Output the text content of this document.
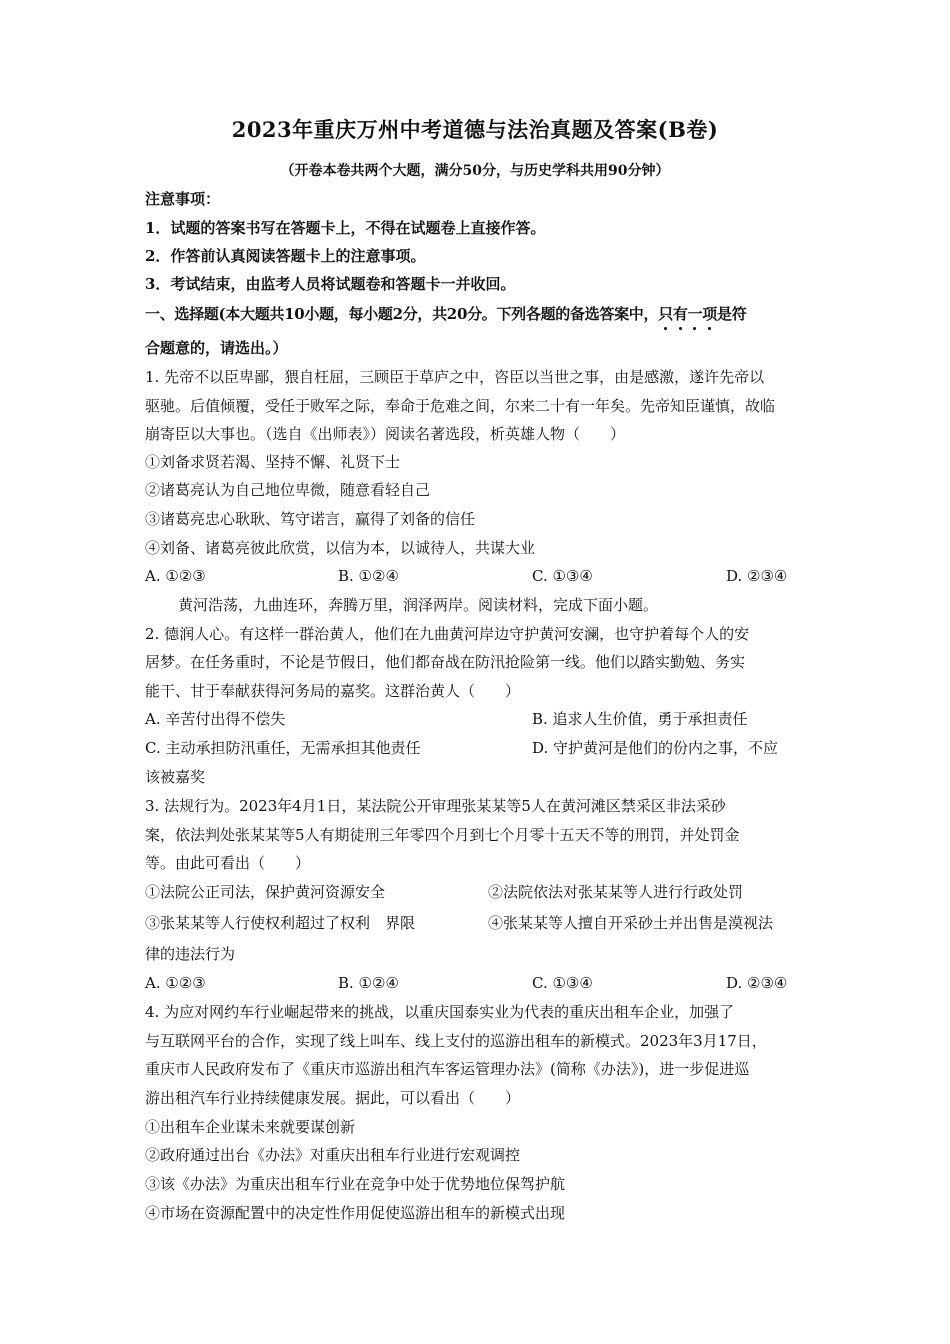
2023年重庆万州中考道德与法治真题及答案(B卷)
（开卷本卷共两个大题，满分50分，与历史学科共用90分钟）
注意事项：
1．试题的答案书写在答题卡上，不得在试题卷上直接作答。
2．作答前认真阅读答题卡上的注意事项。
3．考试结束，由监考人员将试题卷和答题卡一并收回。
一、选择题(本大题共10小题，每小题2分，共20分。下列各题的备选答案中，只有一项是符
合题意的，请选出。）
1. 先帝不以臣卑鄙，猥自枉屈，三顾臣于草庐之中，咨臣以当世之事，由是感激，遂许先帝以
驱驰。后值倾覆，受任于败军之际，奉命于危难之间，尔来二十有一年矣。先帝知臣谨慎，故临
崩寄臣以大事也。（选自《出师表》）阅读名著选段，析英雄人物（　　）
①刘备求贤若渴、坚持不懈、礼贤下士
②诸葛亮认为自己地位卑微，随意看轻自己
③诸葛亮忠心耿耿、笃守诺言，赢得了刘备的信任
④刘备、诸葛亮彼此欣赏，以信为本，以诚待人，共谋大业
A. ①②③	B. ①②④	C. ①③④	D. ②③④
黄河浩荡，九曲连环，奔腾万里，润泽两岸。阅读材料，完成下面小题。
2. 德润人心。有这样一群治黄人，他们在九曲黄河岸边守护黄河安澜，也守护着每个人的安
居梦。在任务重时，不论是节假日，他们都奋战在防汛抢险第一线。他们以踏实勤勉、务实
能干、甘于奉献获得河务局的嘉奖。这群治黄人（　　）
A. 辛苦付出得不偿失	B. 追求人生价值，勇于承担责任
C. 主动承担防汛重任，无需承担其他责任	D. 守护黄河是他们的份内之事，不应
该被嘉奖
3. 法规行为。2023年4月1日，某法院公开审理张某某等5人在黄河滩区禁采区非法采砂
案，依法判处张某某等5人有期徒刑三年零四个月到七个月零十五天不等的刑罚，并处罚金
等。由此可看出（　　）
①法院公正司法，保护黄河资源安全	②法院依法对张某某等人进行行政处罚
③张某某等人行使权利超过了权利　界限	④张某某等人擅自开采砂土并出售是漠视法
律的违法行为
A. ①②③	B. ①②④	C. ①③④	D. ②③④
4. 为应对网约车行业崛起带来的挑战，以重庆国泰实业为代表的重庆出租车企业，加强了
与互联网平台的合作，实现了线上叫车、线上支付的巡游出租车的新模式。2023年3月17日，
重庆市人民政府发布了《重庆市巡游出租汽车客运管理办法》(简称《办法》)，进一步促进巡
游出租汽车行业持续健康发展。据此，可以看出（　　）
①出租车企业谋未来就要谋创新
②政府通过出台《办法》对重庆出租车行业进行宏观调控
③该《办法》为重庆出租车行业在竞争中处于优势地位保驾护航
④市场在资源配置中的决定性作用促使巡游出租车的新模式出现
